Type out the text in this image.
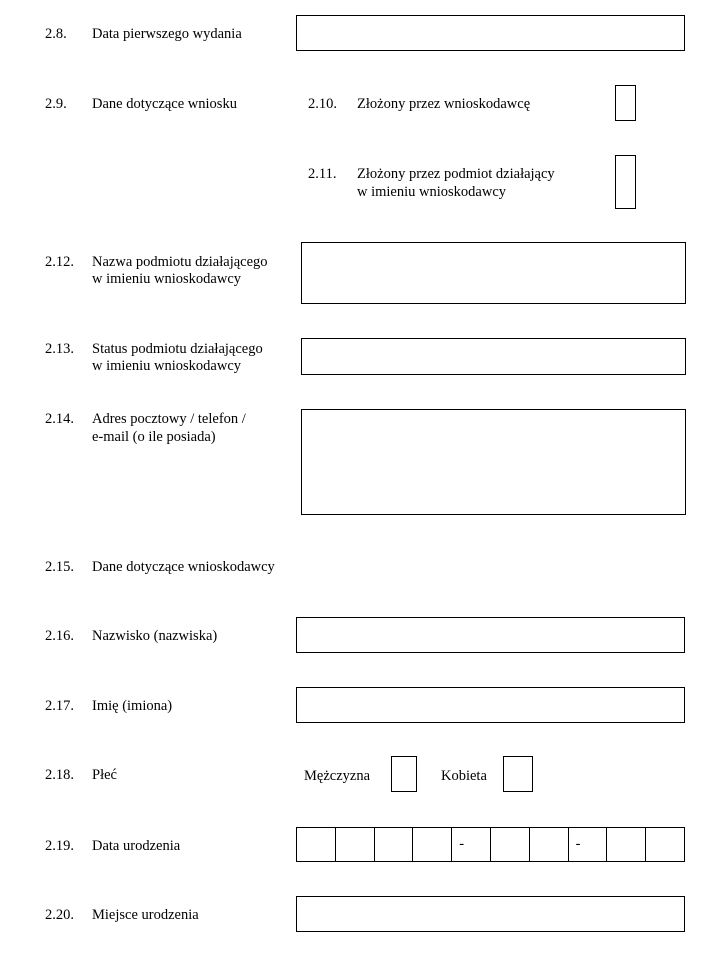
2.8. Data pierwszego wydania
2.9. Dane dotyczące wniosku	2.10. Złożony przez wnioskodawcę
2.11. Złożony przez podmiot działający
w imieniu wnioskodawcy
2.12. Nazwa podmiotu działającego
w imieniu wnioskodawcy
2.13. Status podmiotu działającego
w imieniu wnioskodawcy
2.14. Adres pocztowy / telefon /
e-mail (o ile posiada)
2.15. Dane dotyczące wnioskodawcy
2.16. Nazwisko (nazwiska)
2.17. Imię (imiona)
2.18. Płeć	Mężczyzna	Kobieta
2.19. Data urodzenia	-	-
2.20. Miejsce urodzenia
